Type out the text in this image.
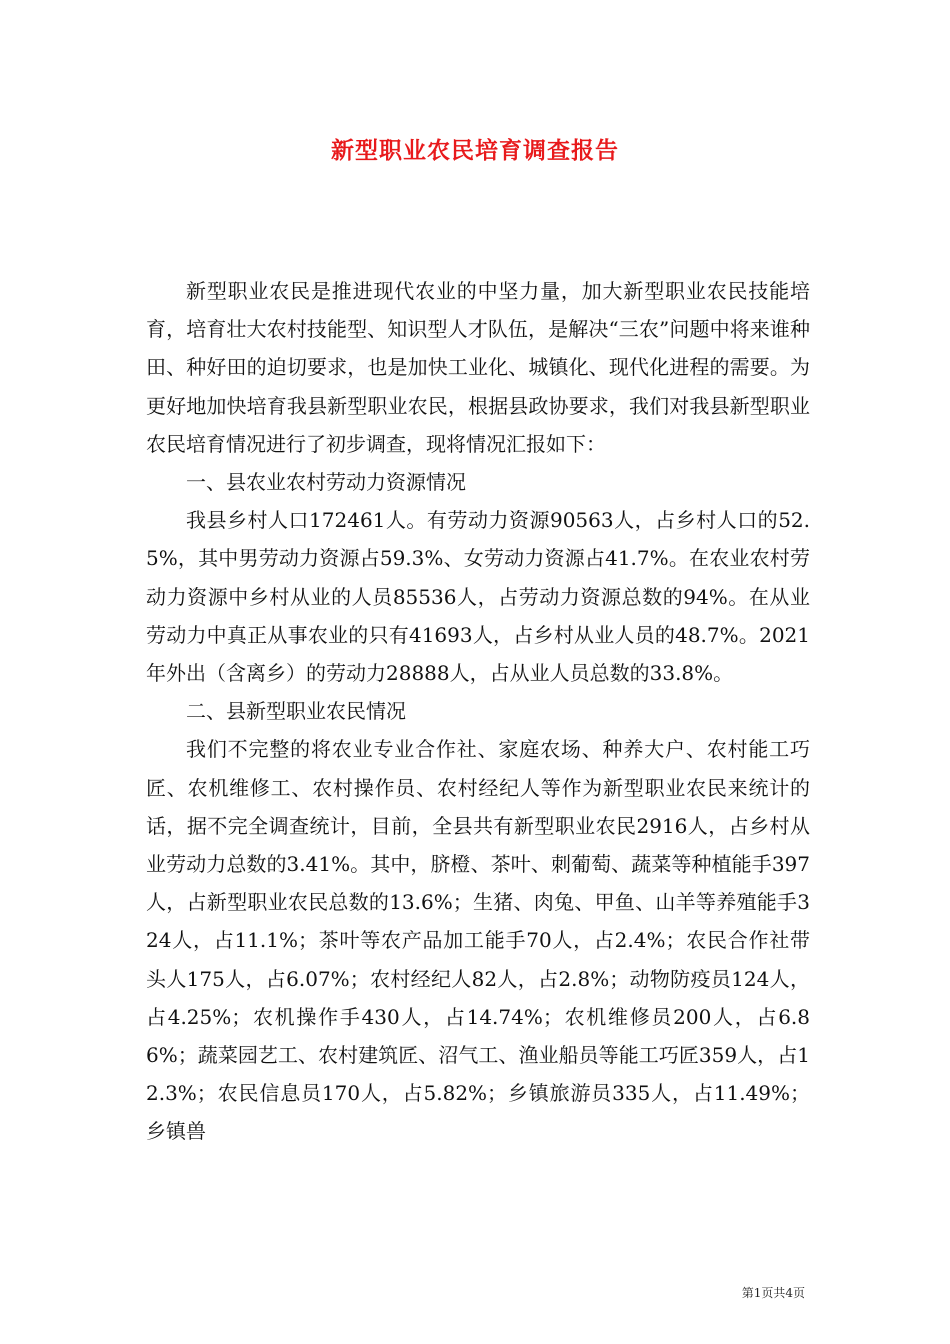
新型职业农民培育调查报告

新型职业农民是推进现代农业的中坚力量，加大新型职业农民技能培育，培育壮大农村技能型、知识型人才队伍，是解决“三农”问题中将来谁种田、种好田的迫切要求，也是加快工业化、城镇化、现代化进程的需要。为更好地加快培育我县新型职业农民，根据县政协要求，我们对我县新型职业农民培育情况进行了初步调查，现将情况汇报如下：

一、县农业农村劳动力资源情况

我县乡村人口172461人。有劳动力资源90563人，占乡村人口的52.5%，其中男劳动力资源占59.3%、女劳动力资源占41.7%。在农业农村劳动力资源中乡村从业的人员85536人，占劳动力资源总数的94%。在从业劳动力中真正从事农业的只有41693人，占乡村从业人员的48.7%。2021年外出（含离乡）的劳动力28888人，占从业人员总数的33.8%。

二、县新型职业农民情况

我们不完整的将农业专业合作社、家庭农场、种养大户、农村能工巧匠、农机维修工、农村操作员、农村经纪人等作为新型职业农民来统计的话，据不完全调查统计，目前，全县共有新型职业农民2916人，占乡村从业劳动力总数的3.41%。其中，脐橙、茶叶、刺葡萄、蔬菜等种植能手397人，占新型职业农民总数的13.6%；生猪、肉兔、甲鱼、山羊等养殖能手324人，占11.1%；茶叶等农产品加工能手70人，占2.4%；农民合作社带头人175人，占6.07%；农村经纪人82人，占2.8%；动物防疫员124人，占4.25%；农机操作手430人，占14.74%；农机维修员200人，占6.86%；蔬菜园艺工、农村建筑匠、沼气工、渔业船员等能工巧匠359人，占12.3%；农民信息员170人，占5.82%；乡镇旅游员335人，占11.49%；乡镇兽

第1页共4页
